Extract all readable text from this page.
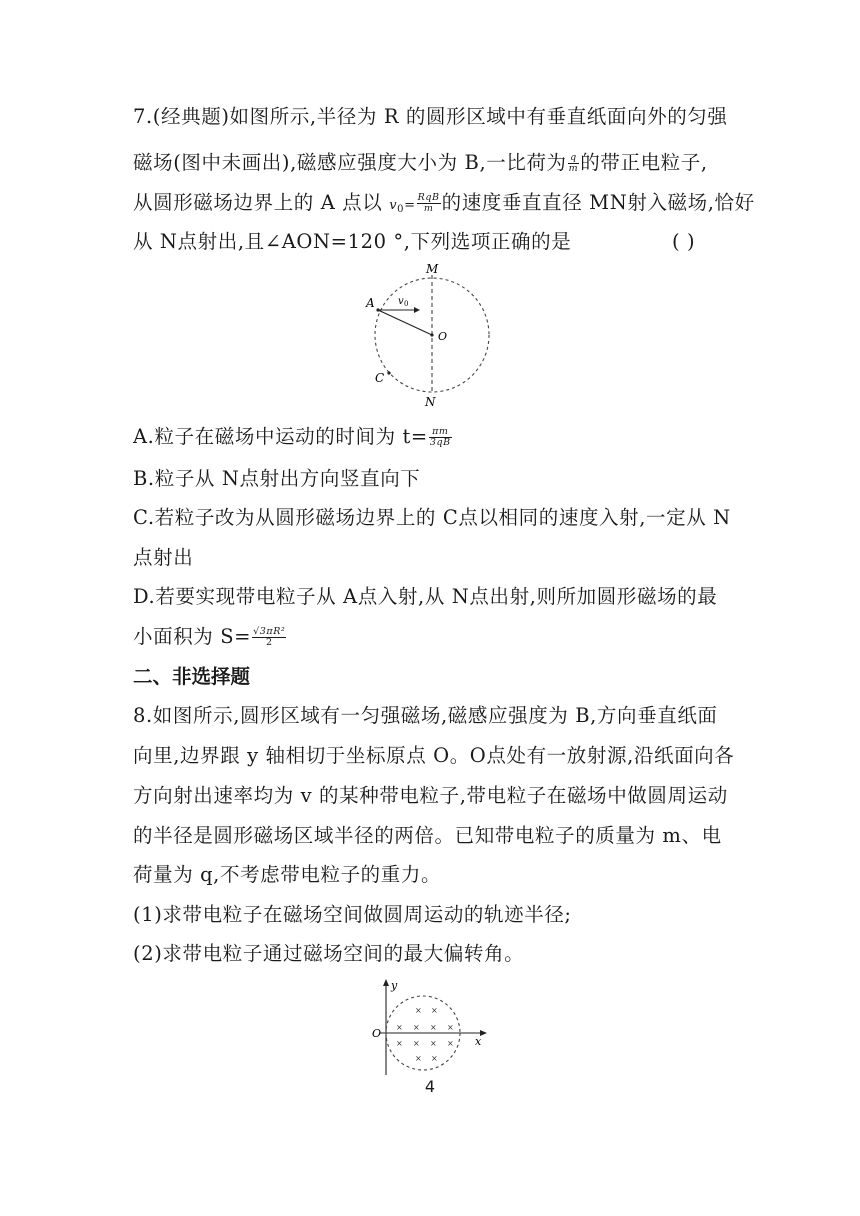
7.(经典题)如图所示,半径为 R 的圆形区域中有垂直纸面向外的匀强
磁场(图中未画出),磁感应强度大小为 B,一比荷为 $\frac{q}{m}$ 的带正电粒子,
从圆形磁场边界上的 A 点以 $v_0= \frac{\text{RqB}}{m}$ 的速度垂直直径 MN射入磁场,恰好
从 N点射出,且∠AON=120 °,下列选项正确的是	( )
M
N
A
O
C
v 0
A.粒子在磁场中运动的时间为 $t= \frac{\pi m}{3qB}$
B.粒子从 N点射出方向竖直向下
C.若粒子改为从圆形磁场边界上的 C点以相同的速度入射,一定从 N
点射出
D.若要实现带电粒子从 A点入射,从 N点出射,则所加圆形磁场的最
小面积为 $S= \frac{\text{√3πR²}}{2}$
二、非选择题
8.如图所示,圆形区域有一匀强磁场,磁感应强度为 B,方向垂直纸面
向里,边界跟 y 轴相切于坐标原点 O。O点处有一放射源,沿纸面向各
方向射出速率均为 v 的某种带电粒子,带电粒子在磁场中做圆周运动
的半径是圆形磁场区域半径的两倍。已知带电粒子的质量为 m、电
荷量为 q,不考虑带电粒子的重力。
(1)求带电粒子在磁场空间做圆周运动的轨迹半径;
(2)求带电粒子通过磁场空间的最大偏转角。
y
x
O
× ×
× × × ×
× × × ×
× ×
4
